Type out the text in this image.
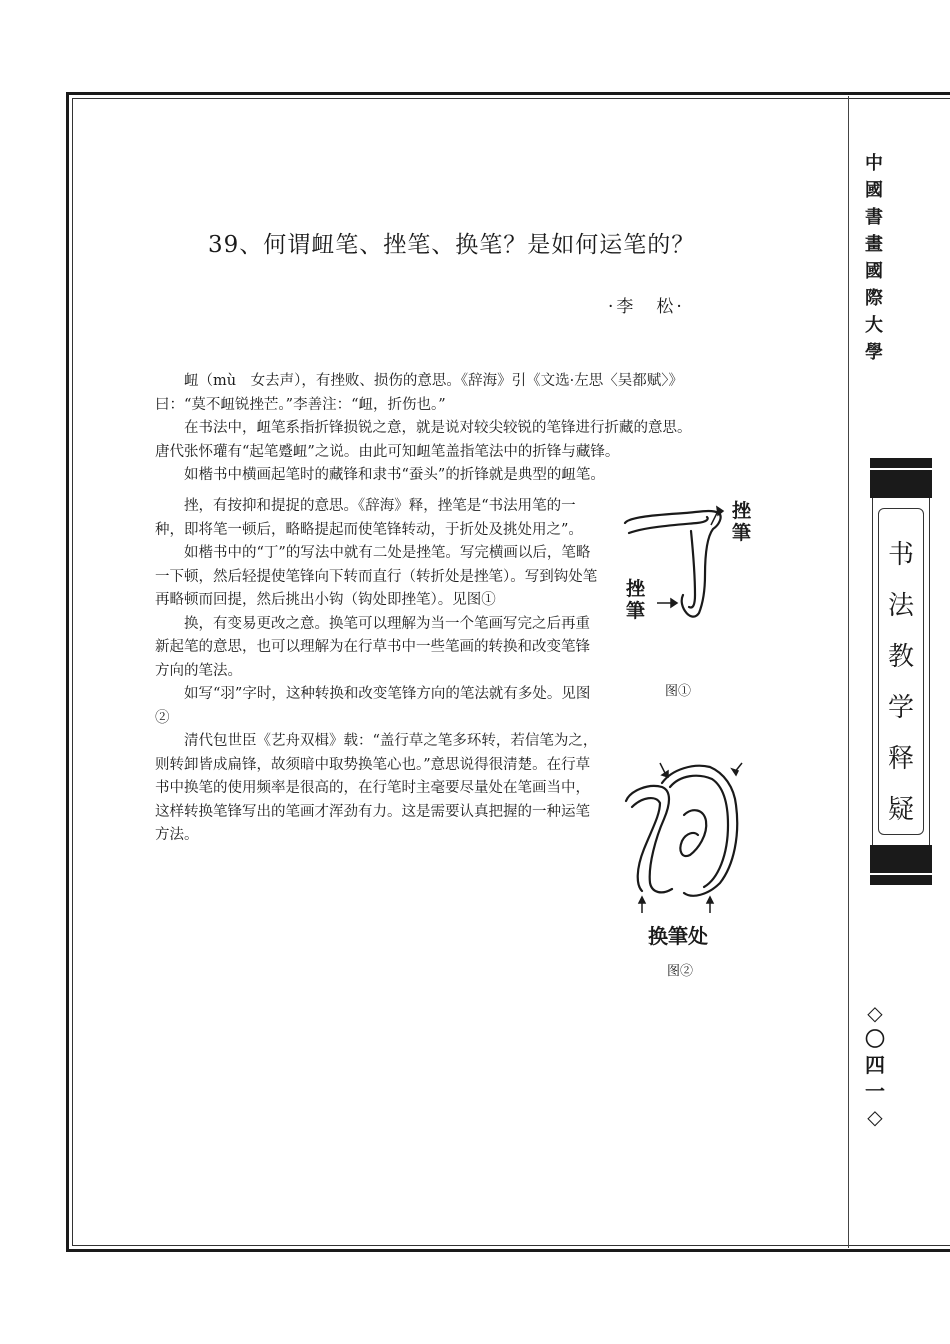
中國書畫國際大學
书法教学释疑
◇〇四一◇
39、何谓衄笔、挫笔、换笔？是如何运笔的？
·李　松·

衄（mù　女去声），有挫败、损伤的意思。《辞海》引《文选·左思〈吴都赋〉》

曰：“莫不衄锐挫芒。”李善注：“衄，折伤也。”

在书法中，衄笔系指折锋损锐之意，就是说对较尖较锐的笔锋进行折藏的意思。

唐代张怀瓘有“起笔蹙衄”之说。由此可知衄笔盖指笔法中的折锋与藏锋。

如楷书中横画起笔时的藏锋和隶书“蚕头”的折锋就是典型的衄笔。

挫，有按抑和提捉的意思。《辞海》释，挫笔是“书法用笔的一种，即将笔一顿后，略略提起而使笔锋转动，于折处及挑处用之”。

如楷书中的“丁”的写法中就有二处是挫笔。写完横画以后，笔略一下顿，然后轻提使笔锋向下转而直行（转折处是挫笔）。写到钩处笔再略顿而回提，然后挑出小钩（钩处即挫笔）。见图①

换，有变易更改之意。换笔可以理解为当一个笔画写完之后再重新起笔的意思，也可以理解为在行草书中一些笔画的转换和改变笔锋方向的笔法。

如写“羽”字时，这种转换和改变笔锋方向的笔法就有多处。见图②

清代包世臣《艺舟双楫》载：“盖行草之笔多环转，若信笔为之，则转卸皆成扁锋，故须暗中取势换笔心也。”意思说得很清楚。在行草书中换笔的使用频率是很高的，在行笔时主毫要尽量处在笔画当中，这样转换笔锋写出的笔画才浑劲有力。这是需要认真把握的一种运笔方法。

挫筆
挫筆
图①
换筆处
图②
